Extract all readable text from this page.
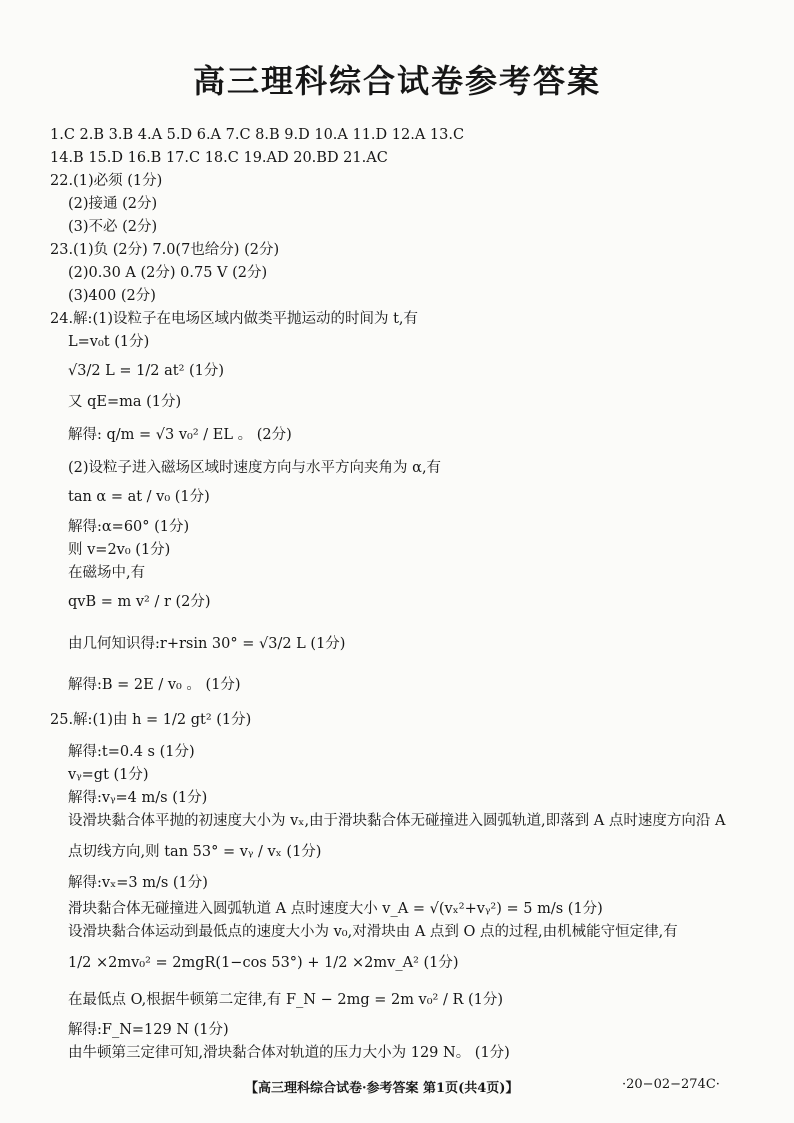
高三理科综合试卷参考答案
1.C 2.B 3.B 4.A 5.D 6.A 7.C 8.B 9.D 10.A 11.D 12.A 13.C
14.B 15.D 16.B 17.C 18.C 19.AD 20.BD 21.AC
22.(1)必须 (1分)
(2)接通 (2分)
(3)不必 (2分)
23.(1)负 (2分) 7.0(7也给分) (2分)
(2)0.30 A (2分) 0.75 V (2分)
(3)400 (2分)
24.解:(1)设粒子在电场区域内做类平抛运动的时间为 t,有
L=v₀t (1分)
√3/2 L = 1/2 at² (1分)
又 qE=ma (1分)
解得: q/m = √3 v₀² / EL 。 (2分)
(2)设粒子进入磁场区域时速度方向与水平方向夹角为 α,有
tan α = at / v₀ (1分)
解得:α=60° (1分)
则 v=2v₀ (1分)
在磁场中,有
qvB = m v² / r (2分)
由几何知识得:r+rsin 30° = √3/2 L (1分)
解得:B = 2E / v₀ 。 (1分)
25.解:(1)由 h = 1/2 gt² (1分)
解得:t=0.4 s (1分)
vᵧ=gt (1分)
解得:vᵧ=4 m/s (1分)
设滑块黏合体平抛的初速度大小为 vₓ,由于滑块黏合体无碰撞进入圆弧轨道,即落到 A 点时速度方向沿 A
点切线方向,则 tan 53° = vᵧ / vₓ (1分)
解得:vₓ=3 m/s (1分)
滑块黏合体无碰撞进入圆弧轨道 A 点时速度大小 v_A = √(vₓ²+vᵧ²) = 5 m/s (1分)
设滑块黏合体运动到最低点的速度大小为 v₀,对滑块由 A 点到 O 点的过程,由机械能守恒定律,有
1/2 ×2mv₀² = 2mgR(1−cos 53°) + 1/2 ×2mv_A² (1分)
在最低点 O,根据牛顿第二定律,有 F_N − 2mg = 2m v₀² / R (1分)
解得:F_N=129 N (1分)
由牛顿第三定律可知,滑块黏合体对轨道的压力大小为 129 N。 (1分)
【高三理科综合试卷·参考答案 第1页(共4页)】	·20−02−274C·
